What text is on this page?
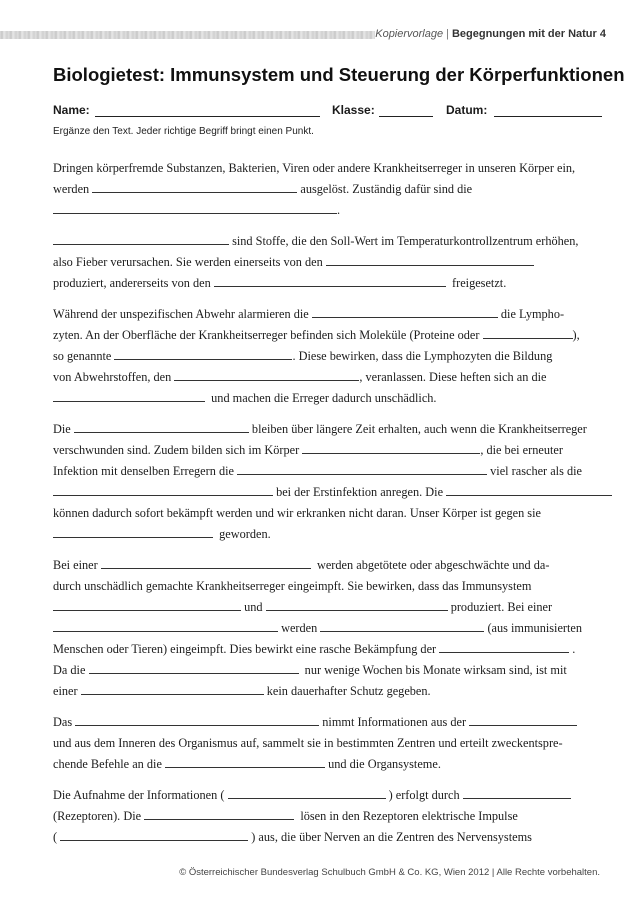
Kopiervorlage | Begegnungen mit der Natur 4
Biologietest: Immunsystem und Steuerung der Körperfunktionen
Name:	Klasse:	Datum:
Ergänze den Text. Jeder richtige Begriff bringt einen Punkt.
Dringen körperfremde Substanzen, Bakterien, Viren oder andere Krankheitserreger in unseren Körper ein,
werden	ausgelöst. Zuständig dafür sind die
.
sind Stoffe, die den Soll-Wert im Temperaturkontrollzentrum erhöhen,
also Fieber verursachen. Sie werden einerseits von den
produziert, andererseits von den	freigesetzt.
Während der unspezifischen Abwehr alarmieren die	die Lympho-
zyten. An der Oberfläche der Krankheitserreger befinden sich Moleküle (Proteine oder	),
so genannte	. Diese bewirken, dass die Lymphozyten die Bildung
von Abwehrstoffen, den	, veranlassen. Diese heften sich an die
und machen die Erreger dadurch unschädlich.
Die	bleiben über längere Zeit erhalten, auch wenn die Krankheitserreger
verschwunden sind. Zudem bilden sich im Körper	, die bei erneuter
Infektion mit denselben Erregern die	viel rascher als die
bei der Erstinfektion anregen. Die
können dadurch sofort bekämpft werden und wir erkranken nicht daran. Unser Körper ist gegen sie
geworden.
Bei einer	werden abgetötete oder abgeschwächte und da-
durch unschädlich gemachte Krankheitserreger eingeimpft. Sie bewirken, dass das Immunsystem
und	produziert. Bei einer
werden	(aus immunisierten
Menschen oder Tieren) eingeimpft. Dies bewirkt eine rasche Bekämpfung der	.
Da die	nur wenige Wochen bis Monate wirksam sind, ist mit
einer	kein dauerhafter Schutz gegeben.
Das	nimmt Informationen aus der
und aus dem Inneren des Organismus auf, sammelt sie in bestimmten Zentren und erteilt zweckentspre-
chende Befehle an die	und die Organsysteme.
Die Aufnahme der Informationen (	) erfolgt durch
(Rezeptoren). Die	lösen in den Rezeptoren elektrische Impulse
(	) aus, die über Nerven an die Zentren des Nervensystems
© Österreichischer Bundesverlag Schulbuch GmbH & Co. KG, Wien 2012 | Alle Rechte vorbehalten.
